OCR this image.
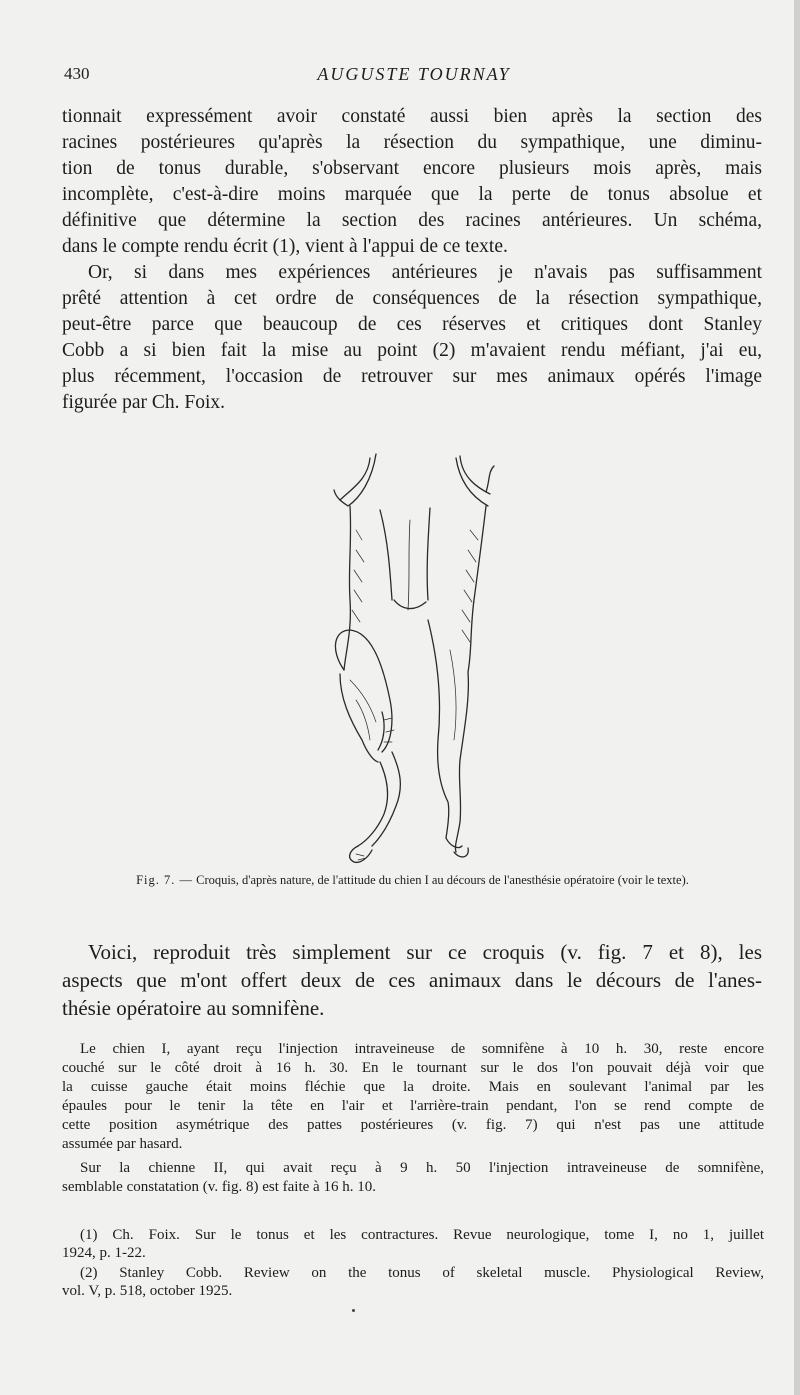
430	AUGUSTE TOURNAY
tionnait expressément avoir constaté aussi bien après la section des
racines postérieures qu'après la résection du sympathique, une diminu-
tion de tonus durable, s'observant encore plusieurs mois après, mais
incomplète, c'est-à-dire moins marquée que la perte de tonus absolue et
définitive que détermine la section des racines antérieures. Un schéma,
dans le compte rendu écrit (1), vient à l'appui de ce texte.
Or, si dans mes expériences antérieures je n'avais pas suffisamment
prêté attention à cet ordre de conséquences de la résection sympathique,
peut-être parce que beaucoup de ces réserves et critiques dont Stanley
Cobb a si bien fait la mise au point (2) m'avaient rendu méfiant, j'ai eu,
plus récemment, l'occasion de retrouver sur mes animaux opérés l'image
figurée par Ch. Foix.
Fig. 7. — Croquis, d'après nature, de l'attitude du chien I au décours de l'anesthésie opératoire (voir le texte).
Voici, reproduit très simplement sur ce croquis (v. fig. 7 et 8), les
aspects que m'ont offert deux de ces animaux dans le décours de l'anes-
thésie opératoire au somnifène.
Le chien I, ayant reçu l'injection intraveineuse de somnifène à 10 h. 30, reste encore
couché sur le côté droit à 16 h. 30. En le tournant sur le dos l'on pouvait déjà voir que
la cuisse gauche était moins fléchie que la droite. Mais en soulevant l'animal par les
épaules pour le tenir la tête en l'air et l'arrière-train pendant, l'on se rend compte de
cette position asymétrique des pattes postérieures (v. fig. 7) qui n'est pas une attitude
assumée par hasard.
Sur la chienne II, qui avait reçu à 9 h. 50 l'injection intraveineuse de somnifène,
semblable constatation (v. fig. 8) est faite à 16 h. 10.
(1) Ch. Foix. Sur le tonus et les contractures. Revue neurologique, tome I, no 1, juillet
1924, p. 1-22.
(2) Stanley Cobb. Review on the tonus of skeletal muscle. Physiological Review,
vol. V, p. 518, october 1925.
